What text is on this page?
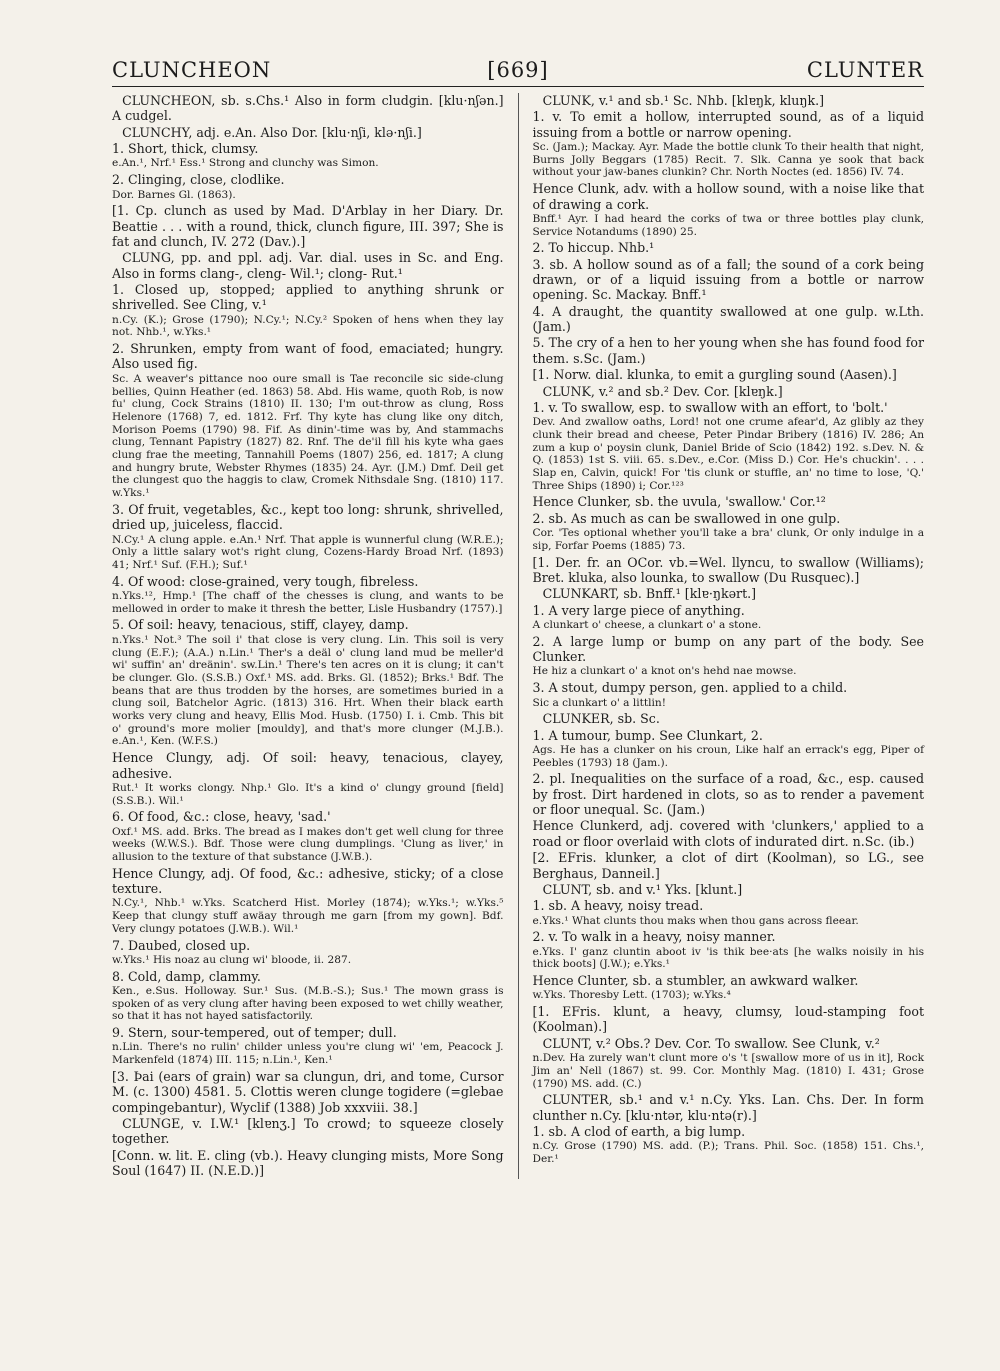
CLUNCHEON	[669]	CLUNTER

CLUNCHEON, sb. s.Chs.¹ Also in form cludgin. [klu·nʃən.] A cudgel.

CLUNCHY, adj. e.An. Also Dor. [klu·nʃi, klə·nʃi.]

1. Short, thick, clumsy.

e.An.¹, Nrf.¹ Ess.¹ Strong and clunchy was Simon.

2. Clinging, close, clodlike.

Dor. Barnes Gl. (1863).

[1. Cp. clunch as used by Mad. D'Arblay in her Diary. Dr. Beattie . . . with a round, thick, clunch figure, III. 397; She is fat and clunch, IV. 272 (Dav.).]

CLUNG, pp. and ppl. adj. Var. dial. uses in Sc. and Eng. Also in forms clang-, cleng- Wil.¹; clong- Rut.¹

1. Closed up, stopped; applied to anything shrunk or shrivelled. See Cling, v.¹

n.Cy. (K.); Grose (1790); N.Cy.¹; N.Cy.² Spoken of hens when they lay not. Nhb.¹, w.Yks.¹

2. Shrunken, empty from want of food, emaciated; hungry. Also used fig.

Sc. A weaver's pittance noo oure small is Tae reconcile sic side-clung bellies, Quinn Heather (ed. 1863) 58. Abd. His wame, quoth Rob, is now fu' clung, Cock Strains (1810) II. 130; I'm out-throw as clung, Ross Helenore (1768) 7, ed. 1812. Frf. Thy kyte has clung like ony ditch, Morison Poems (1790) 98. Fif. As dinin'-time was by, And stammachs clung, Tennant Papistry (1827) 82. Rnf. The de'il fill his kyte wha gaes clung frae the meeting, Tannahill Poems (1807) 256, ed. 1817; A clung and hungry brute, Webster Rhymes (1835) 24. Ayr. (J.M.) Dmf. Deil get the clungest quo the haggis to claw, Cromek Nithsdale Sng. (1810) 117. w.Yks.¹

3. Of fruit, vegetables, &c., kept too long: shrunk, shrivelled, dried up, juiceless, flaccid.

N.Cy.¹ A clung apple. e.An.¹ Nrf. That apple is wunnerful clung (W.R.E.); Only a little salary wot's right clung, Cozens-Hardy Broad Nrf. (1893) 41; Nrf.¹ Suf. (F.H.); Suf.¹

4. Of wood: close-grained, very tough, fibreless.

n.Yks.¹², Hmp.¹ [The chaff of the chesses is clung, and wants to be mellowed in order to make it thresh the better, Lisle Husbandry (1757).]

5. Of soil: heavy, tenacious, stiff, clayey, damp.

n.Yks.¹ Not.³ The soil i' that close is very clung. Lin. This soil is very clung (E.F.); (A.A.) n.Lin.¹ Ther's a deäl o' clung land mud be meller'd wi' suffin' an' dreänin'. sw.Lin.¹ There's ten acres on it is clung; it can't be clunger. Glo. (S.S.B.) Oxf.¹ MS. add. Brks. Gl. (1852); Brks.¹ Bdf. The beans that are thus trodden by the horses, are sometimes buried in a clung soil, Batchelor Agric. (1813) 316. Hrt. When their black earth works very clung and heavy, Ellis Mod. Husb. (1750) I. i. Cmb. This bit o' ground's more molier [mouldy], and that's more clunger (M.J.B.). e.An.¹, Ken. (W.F.S.)

Hence Clungy, adj. Of soil: heavy, tenacious, clayey, adhesive.

Rut.¹ It works clongy. Nhp.¹ Glo. It's a kind o' clungy ground [field] (S.S.B.). Wil.¹

6. Of food, &c.: close, heavy, 'sad.'

Oxf.¹ MS. add. Brks. The bread as I makes don't get well clung for three weeks (W.W.S.). Bdf. Those were clung dumplings. 'Clung as liver,' in allusion to the texture of that substance (J.W.B.).

Hence Clungy, adj. Of food, &c.: adhesive, sticky; of a close texture.

N.Cy.¹, Nhb.¹ w.Yks. Scatcherd Hist. Morley (1874); w.Yks.¹; w.Yks.⁵ Keep that clungy stuff awäay through me garn [from my gown]. Bdf. Very clungy potatoes (J.W.B.). Wil.¹

7. Daubed, closed up.

w.Yks.¹ His noaz au clung wi' bloode, ii. 287.

8. Cold, damp, clammy.

Ken., e.Sus. Holloway. Sur.¹ Sus. (M.B.-S.); Sus.¹ The mown grass is spoken of as very clung after having been exposed to wet chilly weather, so that it has not hayed satisfactorily.

9. Stern, sour-tempered, out of temper; dull.

n.Lin. There's no rulin' childer unless you're clung wi' 'em, Peacock J. Markenfeld (1874) III. 115; n.Lin.¹, Ken.¹

[3. Þai (ears of grain) war sa clungun, dri, and tome, Cursor M. (c. 1300) 4581. 5. Clottis weren clunge togidere (=glebae compingebantur), Wyclif (1388) Job xxxviii. 38.]

CLUNGE, v. I.W.¹ [klɐnʒ.] To crowd; to squeeze closely together.

[Conn. w. lit. E. cling (vb.). Heavy clunging mists, More Song Soul (1647) II. (N.E.D.)]

CLUNK, v.¹ and sb.¹ Sc. Nhb. [klɐŋk, kluŋk.]

1. v. To emit a hollow, interrupted sound, as of a liquid issuing from a bottle or narrow opening.

Sc. (Jam.); Mackay. Ayr. Made the bottle clunk To their health that night, Burns Jolly Beggars (1785) Recit. 7. Slk. Canna ye sook that back without your jaw-banes clunkin? Chr. North Noctes (ed. 1856) IV. 74.

Hence Clunk, adv. with a hollow sound, with a noise like that of drawing a cork.

Bnff.¹ Ayr. I had heard the corks of twa or three bottles play clunk, Service Notandums (1890) 25.

2. To hiccup. Nhb.¹

3. sb. A hollow sound as of a fall; the sound of a cork being drawn, or of a liquid issuing from a bottle or narrow opening. Sc. Mackay. Bnff.¹

4. A draught, the quantity swallowed at one gulp. w.Lth. (Jam.)

5. The cry of a hen to her young when she has found food for them. s.Sc. (Jam.)

[1. Norw. dial. klunka, to emit a gurgling sound (Aasen).]

CLUNK, v.² and sb.² Dev. Cor. [klɐŋk.]

1. v. To swallow, esp. to swallow with an effort, to 'bolt.'

Dev. And zwallow oaths, Lord! not one crume afear'd, Az glibly az they clunk their bread and cheese, Peter Pindar Bribery (1816) IV. 286; An zum a kup o' poysin clunk, Daniel Bride of Scio (1842) 192. s.Dev. N. & Q. (1853) 1st S. viii. 65. s.Dev., e.Cor. (Miss D.) Cor. He's chuckin'. . . . Slap en, Calvin, quick! For 'tis clunk or stuffle, an' no time to lose, 'Q.' Three Ships (1890) i; Cor.¹²³

Hence Clunker, sb. the uvula, 'swallow.' Cor.¹²

2. sb. As much as can be swallowed in one gulp.

Cor. 'Tes optional whether you'll take a bra' clunk, Or only indulge in a sip, Forfar Poems (1885) 73.

[1. Der. fr. an OCor. vb.=Wel. llyncu, to swallow (Williams); Bret. kluka, also lounka, to swallow (Du Rusquec).]

CLUNKART, sb. Bnff.¹ [klɐ·ŋkərt.]

1. A very large piece of anything.

A clunkart o' cheese, a clunkart o' a stone.

2. A large lump or bump on any part of the body. See Clunker.

He hiz a clunkart o' a knot on's hehd nae mowse.

3. A stout, dumpy person, gen. applied to a child.

Sic a clunkart o' a littlin!

CLUNKER, sb. Sc.

1. A tumour, bump. See Clunkart, 2.

Ags. He has a clunker on his croun, Like half an errack's egg, Piper of Peebles (1793) 18 (Jam.).

2. pl. Inequalities on the surface of a road, &c., esp. caused by frost. Dirt hardened in clots, so as to render a pavement or floor unequal. Sc. (Jam.)

Hence Clunkerd, adj. covered with 'clunkers,' applied to a road or floor overlaid with clots of indurated dirt. n.Sc. (ib.)

[2. EFris. klunker, a clot of dirt (Koolman), so LG., see Berghaus, Danneil.]

CLUNT, sb. and v.¹ Yks. [klunt.]

1. sb. A heavy, noisy tread.

e.Yks.¹ What clunts thou maks when thou gans across fleear.

2. v. To walk in a heavy, noisy manner.

e.Yks. I' ganz cluntin aboot iv 'is thik bee·ats [he walks noisily in his thick boots] (J.W.); e.Yks.¹

Hence Clunter, sb. a stumbler, an awkward walker.

w.Yks. Thoresby Lett. (1703); w.Yks.⁴

[1. EFris. klunt, a heavy, clumsy, loud-stamping foot (Koolman).]

CLUNT, v.² Obs.? Dev. Cor. To swallow. See Clunk, v.²

n.Dev. Ha zurely wan't clunt more o's 't [swallow more of us in it], Rock Jim an' Nell (1867) st. 99. Cor. Monthly Mag. (1810) I. 431; Grose (1790) MS. add. (C.)

CLUNTER, sb.¹ and v.¹ n.Cy. Yks. Lan. Chs. Der. In form clunther n.Cy. [klu·ntər, klu·ntə(r).]

1. sb. A clod of earth, a big lump.

n.Cy. Grose (1790) MS. add. (P.); Trans. Phil. Soc. (1858) 151. Chs.¹, Der.¹
